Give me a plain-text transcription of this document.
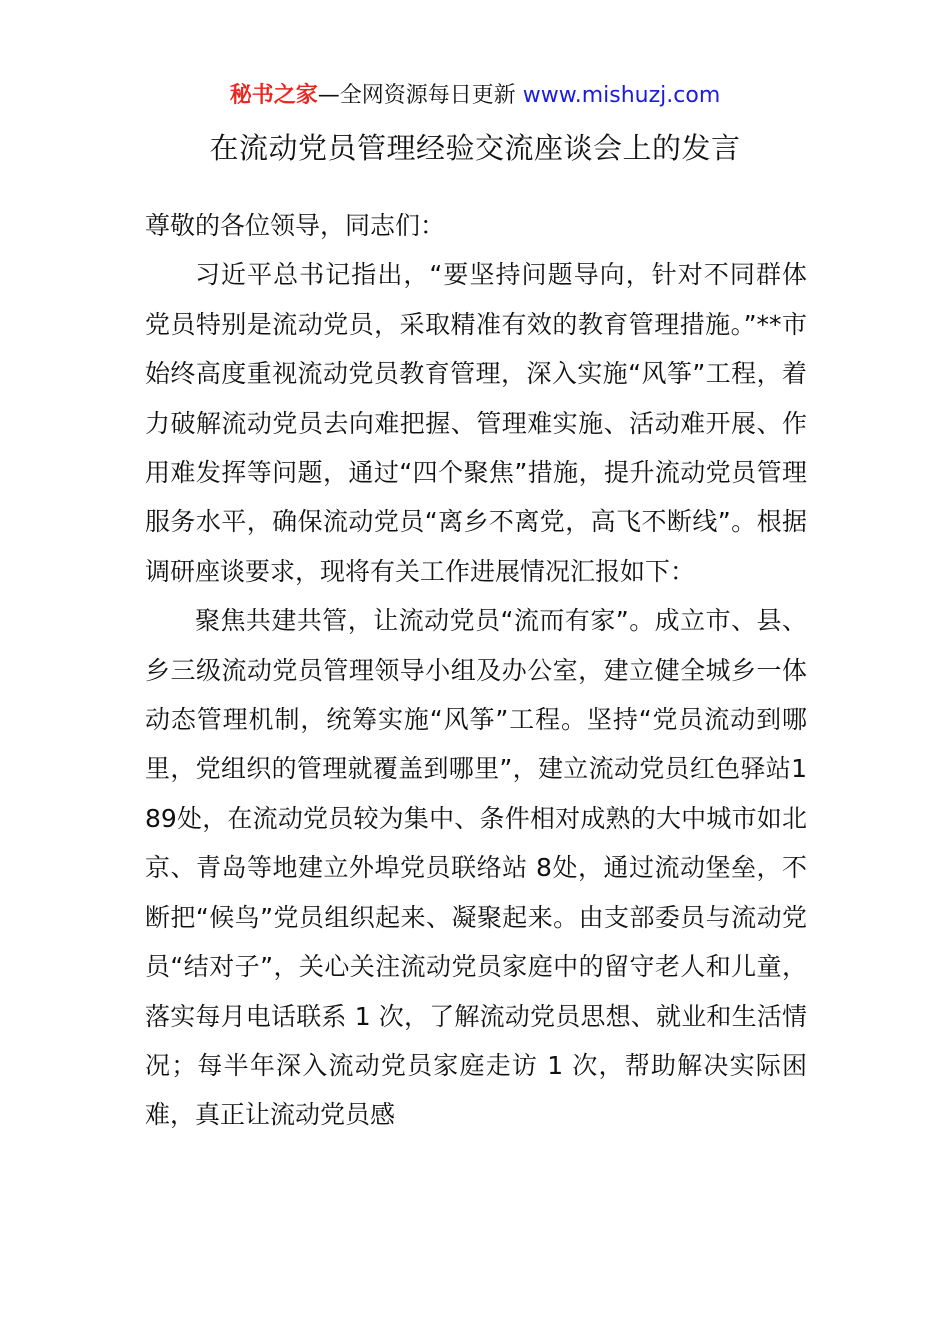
秘书之家—全网资源每日更新 www.mishuzj.com
在流动党员管理经验交流座谈会上的发言

尊敬的各位领导，同志们：

习近平总书记指出，“要坚持问题导向，针对不同群体党员特别是流动党员，采取精准有效的教育管理措施。”**市始终高度重视流动党员教育管理，深入实施“风筝”工程，着力破解流动党员去向难把握、管理难实施、活动难开展、作用难发挥等问题，通过“四个聚焦”措施，提升流动党员管理服务水平，确保流动党员“离乡不离党，高飞不断线”。根据调研座谈要求，现将有关工作进展情况汇报如下：

聚焦共建共管，让流动党员“流而有家”。成立市、县、乡三级流动党员管理领导小组及办公室，建立健全城乡一体动态管理机制，统筹实施“风筝”工程。坚持“党员流动到哪里，党组织的管理就覆盖到哪里”，建立流动党员红色驿站189处，在流动党员较为集中、条件相对成熟的大中城市如北京、青岛等地建立外埠党员联络站 8处，通过流动堡垒，不断把“候鸟”党员组织起来、凝聚起来。由支部委员与流动党员“结对子”，关心关注流动党员家庭中的留守老人和儿童，落实每月电话联系 1 次，了解流动党员思想、就业和生活情况；每半年深入流动党员家庭走访 1 次，帮助解决实际困难，真正让流动党员感
